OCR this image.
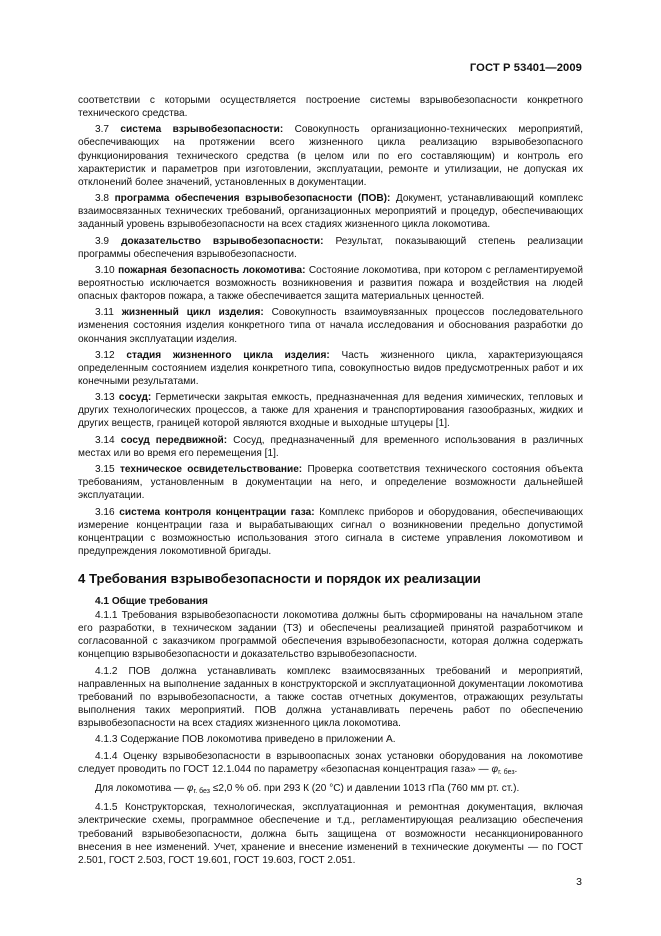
ГОСТ Р 53401—2009

соответствии с которыми осуществляется построение системы взрывобезопасности конкретного технического средства.

3.7 система взрывобезопасности: Совокупность организационно-технических мероприятий, обеспечивающих на протяжении всего жизненного цикла реализацию взрывобезопасного функционирования технического средства (в целом или по его составляющим) и контроль его характеристик и параметров при изготовлении, эксплуатации, ремонте и утилизации, не допуская их отклонений более значений, установленных в документации.

3.8 программа обеспечения взрывобезопасности (ПОВ): Документ, устанавливающий комплекс взаимосвязанных технических требований, организационных мероприятий и процедур, обеспечивающих заданный уровень взрывобезопасности на всех стадиях жизненного цикла локомотива.

3.9 доказательство взрывобезопасности: Результат, показывающий степень реализации программы обеспечения взрывобезопасности.

3.10 пожарная безопасность локомотива: Состояние локомотива, при котором с регламентируемой вероятностью исключается возможность возникновения и развития пожара и воздействия на людей опасных факторов пожара, а также обеспечивается защита материальных ценностей.

3.11 жизненный цикл изделия: Совокупность взаимоувязанных процессов последовательного изменения состояния изделия конкретного типа от начала исследования и обоснования разработки до окончания эксплуатации изделия.

3.12 стадия жизненного цикла изделия: Часть жизненного цикла, характеризующаяся определенным состоянием изделия конкретного типа, совокупностью видов предусмотренных работ и их конечными результатами.

3.13 сосуд: Герметически закрытая емкость, предназначенная для ведения химических, тепловых и других технологических процессов, а также для хранения и транспортирования газообразных, жидких и других веществ, границей которой являются входные и выходные штуцеры [1].

3.14 сосуд передвижной: Сосуд, предназначенный для временного использования в различных местах или во время его перемещения [1].

3.15 техническое освидетельствование: Проверка соответствия технического состояния объекта требованиям, установленным в документации на него, и определение возможности дальнейшей эксплуатации.

3.16 система контроля концентрации газа: Комплекс приборов и оборудования, обеспечивающих измерение концентрации газа и вырабатывающих сигнал о возникновении предельно допустимой концентрации с возможностью использования этого сигнала в системе управления локомотивом и предупреждения локомотивной бригады.

4 Требования взрывобезопасности и порядок их реализации
4.1 Общие требования

4.1.1 Требования взрывобезопасности локомотива должны быть сформированы на начальном этапе его разработки, в техническом задании (ТЗ) и обеспечены реализацией принятой разработчиком и согласованной с заказчиком программой обеспечения взрывобезопасности, которая должна содержать концепцию взрывобезопасности и доказательство взрывобезопасности.

4.1.2 ПОВ должна устанавливать комплекс взаимосвязанных требований и мероприятий, направленных на выполнение заданных в конструкторской и эксплуатационной документации локомотива требований по взрывобезопасности, а также состав отчетных документов, отражающих результаты выполнения таких мероприятий. ПОВ должна устанавливать перечень работ по обеспечению взрывобезопасности на всех стадиях жизненного цикла локомотива.

4.1.3 Содержание ПОВ локомотива приведено в приложении А.

4.1.4 Оценку взрывобезопасности в взрывоопасных зонах установки оборудования на локомотиве следует проводить по ГОСТ 12.1.044 по параметру «безопасная концентрация газа» — $\varphi_{г. без}$.

Для локомотива — $\varphi_{г. без} \le 2,0$ % об. при 293 К (20 °С) и давлении 1013 гПа (760 мм рт. ст.).

4.1.5 Конструкторская, технологическая, эксплуатационная и ремонтная документация, включая электрические схемы, программное обеспечение и т.д., регламентирующая реализацию обеспечения требований взрывобезопасности, должна быть защищена от возможности несанкционированного внесения в нее изменений. Учет, хранение и внесение изменений в технические документы — по ГОСТ 2.501, ГОСТ 2.503, ГОСТ 19.601, ГОСТ 19.603, ГОСТ 2.051.

3
